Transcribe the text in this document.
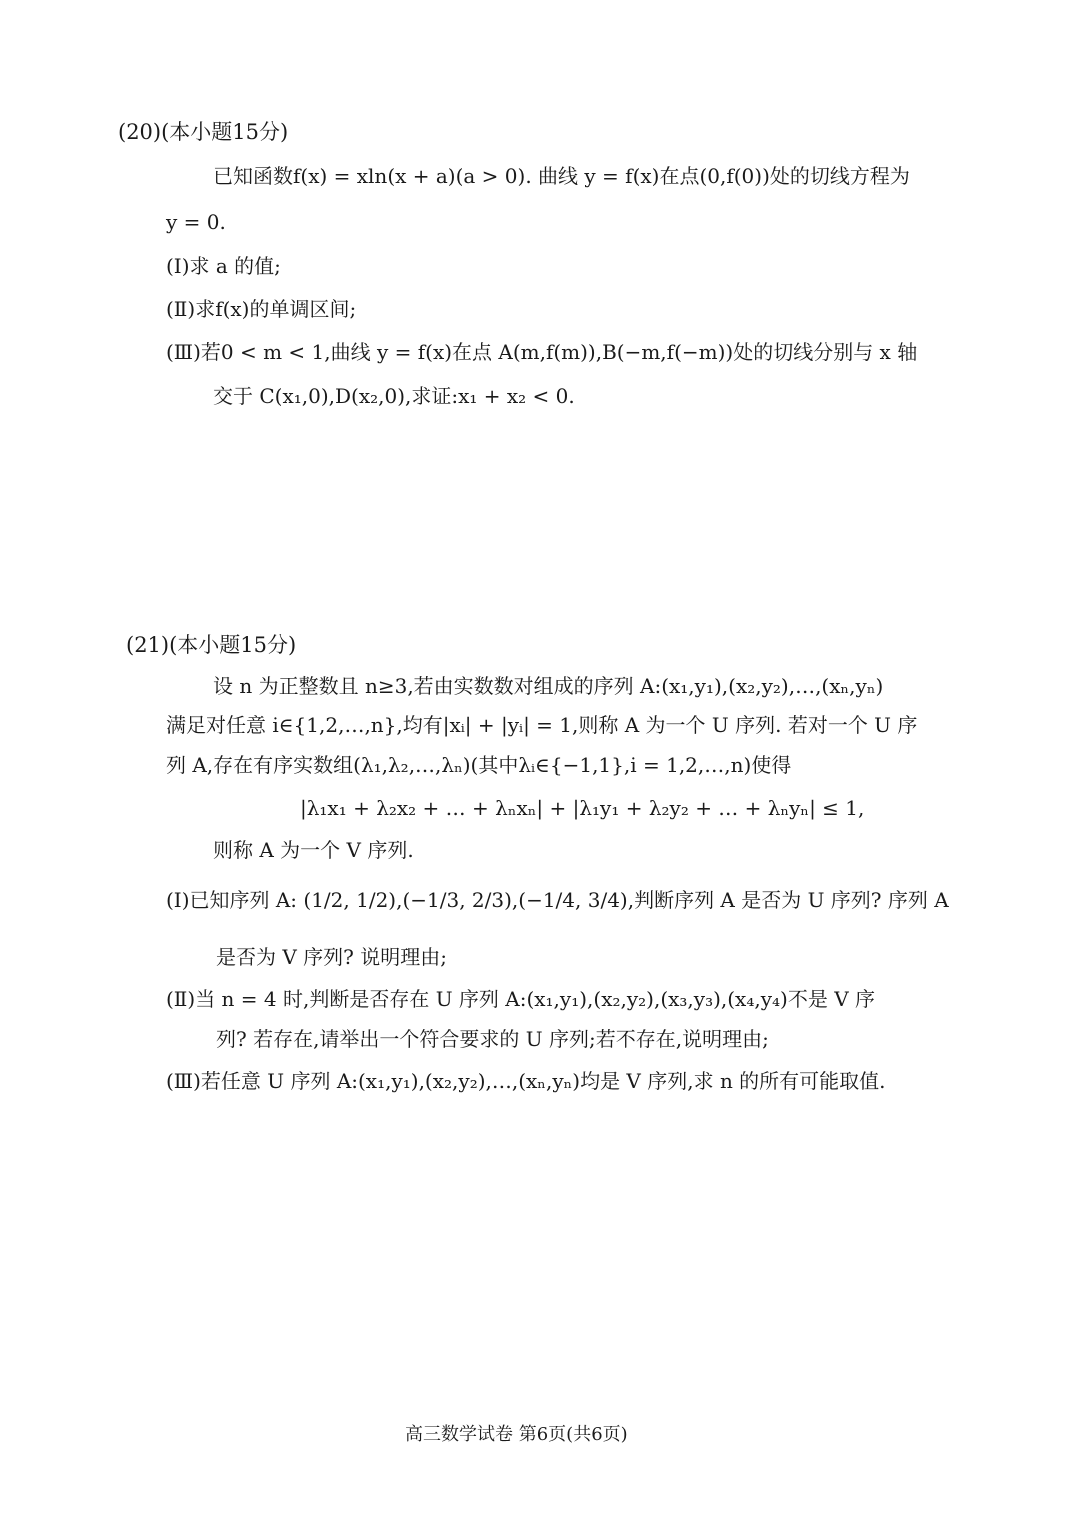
(20)(本小题15分)
已知函数f(x) = xln(x + a)(a > 0). 曲线 y = f(x)在点(0,f(0))处的切线方程为
y = 0.
(Ⅰ)求 a 的值;
(Ⅱ)求f(x)的单调区间;
(Ⅲ)若0 < m < 1,曲线 y = f(x)在点 A(m,f(m)),B(−m,f(−m))处的切线分别与 x 轴
交于 C(x₁,0),D(x₂,0),求证:x₁ + x₂ < 0.
(21)(本小题15分)
设 n 为正整数且 n≥3,若由实数数对组成的序列 A:(x₁,y₁),(x₂,y₂),…,(xₙ,yₙ)
满足对任意 i∈{1,2,…,n},均有|xᵢ| + |yᵢ| = 1,则称 A 为一个 U 序列. 若对一个 U 序
列 A,存在有序实数组(λ₁,λ₂,…,λₙ)(其中λᵢ∈{−1,1},i = 1,2,…,n)使得
|λ₁x₁ + λ₂x₂ + … + λₙxₙ| + |λ₁y₁ + λ₂y₂ + … + λₙyₙ| ≤ 1,
则称 A 为一个 V 序列.
(Ⅰ)已知序列 A: (1/2, 1/2),(−1/3, 2/3),(−1/4, 3/4),判断序列 A 是否为 U 序列? 序列 A
是否为 V 序列? 说明理由;
(Ⅱ)当 n = 4 时,判断是否存在 U 序列 A:(x₁,y₁),(x₂,y₂),(x₃,y₃),(x₄,y₄)不是 V 序
列? 若存在,请举出一个符合要求的 U 序列;若不存在,说明理由;
(Ⅲ)若任意 U 序列 A:(x₁,y₁),(x₂,y₂),…,(xₙ,yₙ)均是 V 序列,求 n 的所有可能取值.
高三数学试卷 第6页(共6页)
